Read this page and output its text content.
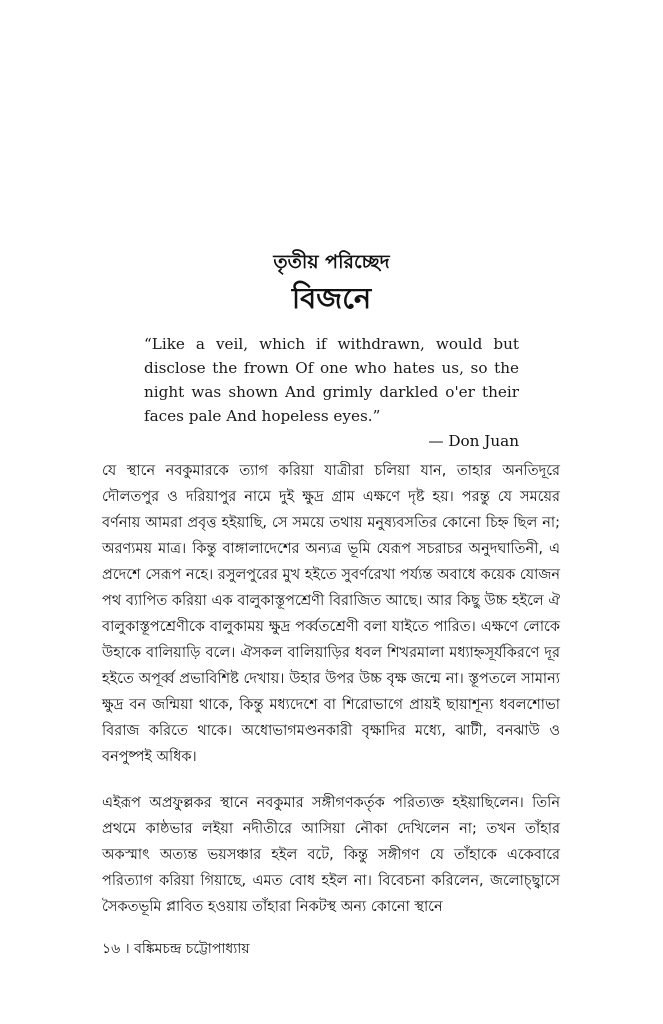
তৃতীয় পরিচ্ছেদ
বিজনে
“Like a veil, which if withdrawn, would but disclose the frown Of one who hates us, so the night was shown And grimly darkled o'er their faces pale And hopeless eyes.”
— Don Juan

যে স্থানে নবকুমারকে ত্যাগ করিয়া যাত্রীরা চলিয়া যান, তাহার অনতিদূরে দৌলতপুর ও দরিয়াপুর নামে দুই ক্ষুদ্র গ্রাম এক্ষণে দৃষ্ট হয়। পরন্তু যে সময়ের বর্ণনায় আমরা প্রবৃত্ত হইয়াছি, সে সময়ে তথায় মনুষ্যবসতির কোনো চিহ্ন ছিল না; অরণ্যময় মাত্র। কিন্তু বাঙ্গালাদেশের অন্যত্র ভূমি যেরূপ সচরাচর অনুদঘাতিনী, এ প্রদেশে সেরূপ নহে। রসুলপুরের মুখ হইতে সুবর্ণরেখা পর্য্যন্ত অবাধে কয়েক যোজন পথ ব্যাপিত করিয়া এক বালুকাস্তূপশ্রেণী বিরাজিত আছে। আর কিছু উচ্চ হইলে ঐ বালুকাস্তূপশ্রেণীকে বালুকাময় ক্ষুদ্র পর্ব্বতশ্রেণী বলা যাইতে পারিত। এক্ষণে লোকে উহাকে বালিয়াড়ি বলে। ঐসকল বালিয়াড়ির ধবল শিখরমালা মধ্যাহ্নসূর্যকিরণে দূর হইতে অপূর্ব্ব প্রভাবিশিষ্ট দেখায়। উহার উপর উচ্চ বৃক্ষ জন্মে না। স্তূপতলে সামান্য ক্ষুদ্র বন জন্মিয়া থাকে, কিন্তু মধ্যদেশে বা শিরোভাগে প্রায়ই ছায়াশূন্য ধবলশোভা বিরাজ করিতে থাকে। অধোভাগমণ্ডনকারী বৃক্ষাদির মধ্যে, ঝাটী, বনঝাউ ও বনপুষ্পই অধিক।

এইরূপ অপ্রফুল্লকর স্থানে নবকুমার সঙ্গীগণকর্তৃক পরিত্যক্ত হইয়াছিলেন। তিনি প্রথমে কাষ্ঠভার লইয়া নদীতীরে আসিয়া নৌকা দেখিলেন না; তখন তাঁহার অকস্মাৎ অত্যন্ত ভয়সঞ্চার হইল বটে, কিন্তু সঙ্গীগণ যে তাঁহাকে একেবারে পরিত্যাগ করিয়া গিয়াছে, এমত বোধ হইল না। বিবেচনা করিলেন, জলোচ্ছ্বাসে সৈকতভূমি প্লাবিত হওয়ায় তাঁহারা নিকটস্থ অন্য কোনো স্থানে

১৬ । বঙ্কিমচন্দ্র চট্টোপাধ্যায়
